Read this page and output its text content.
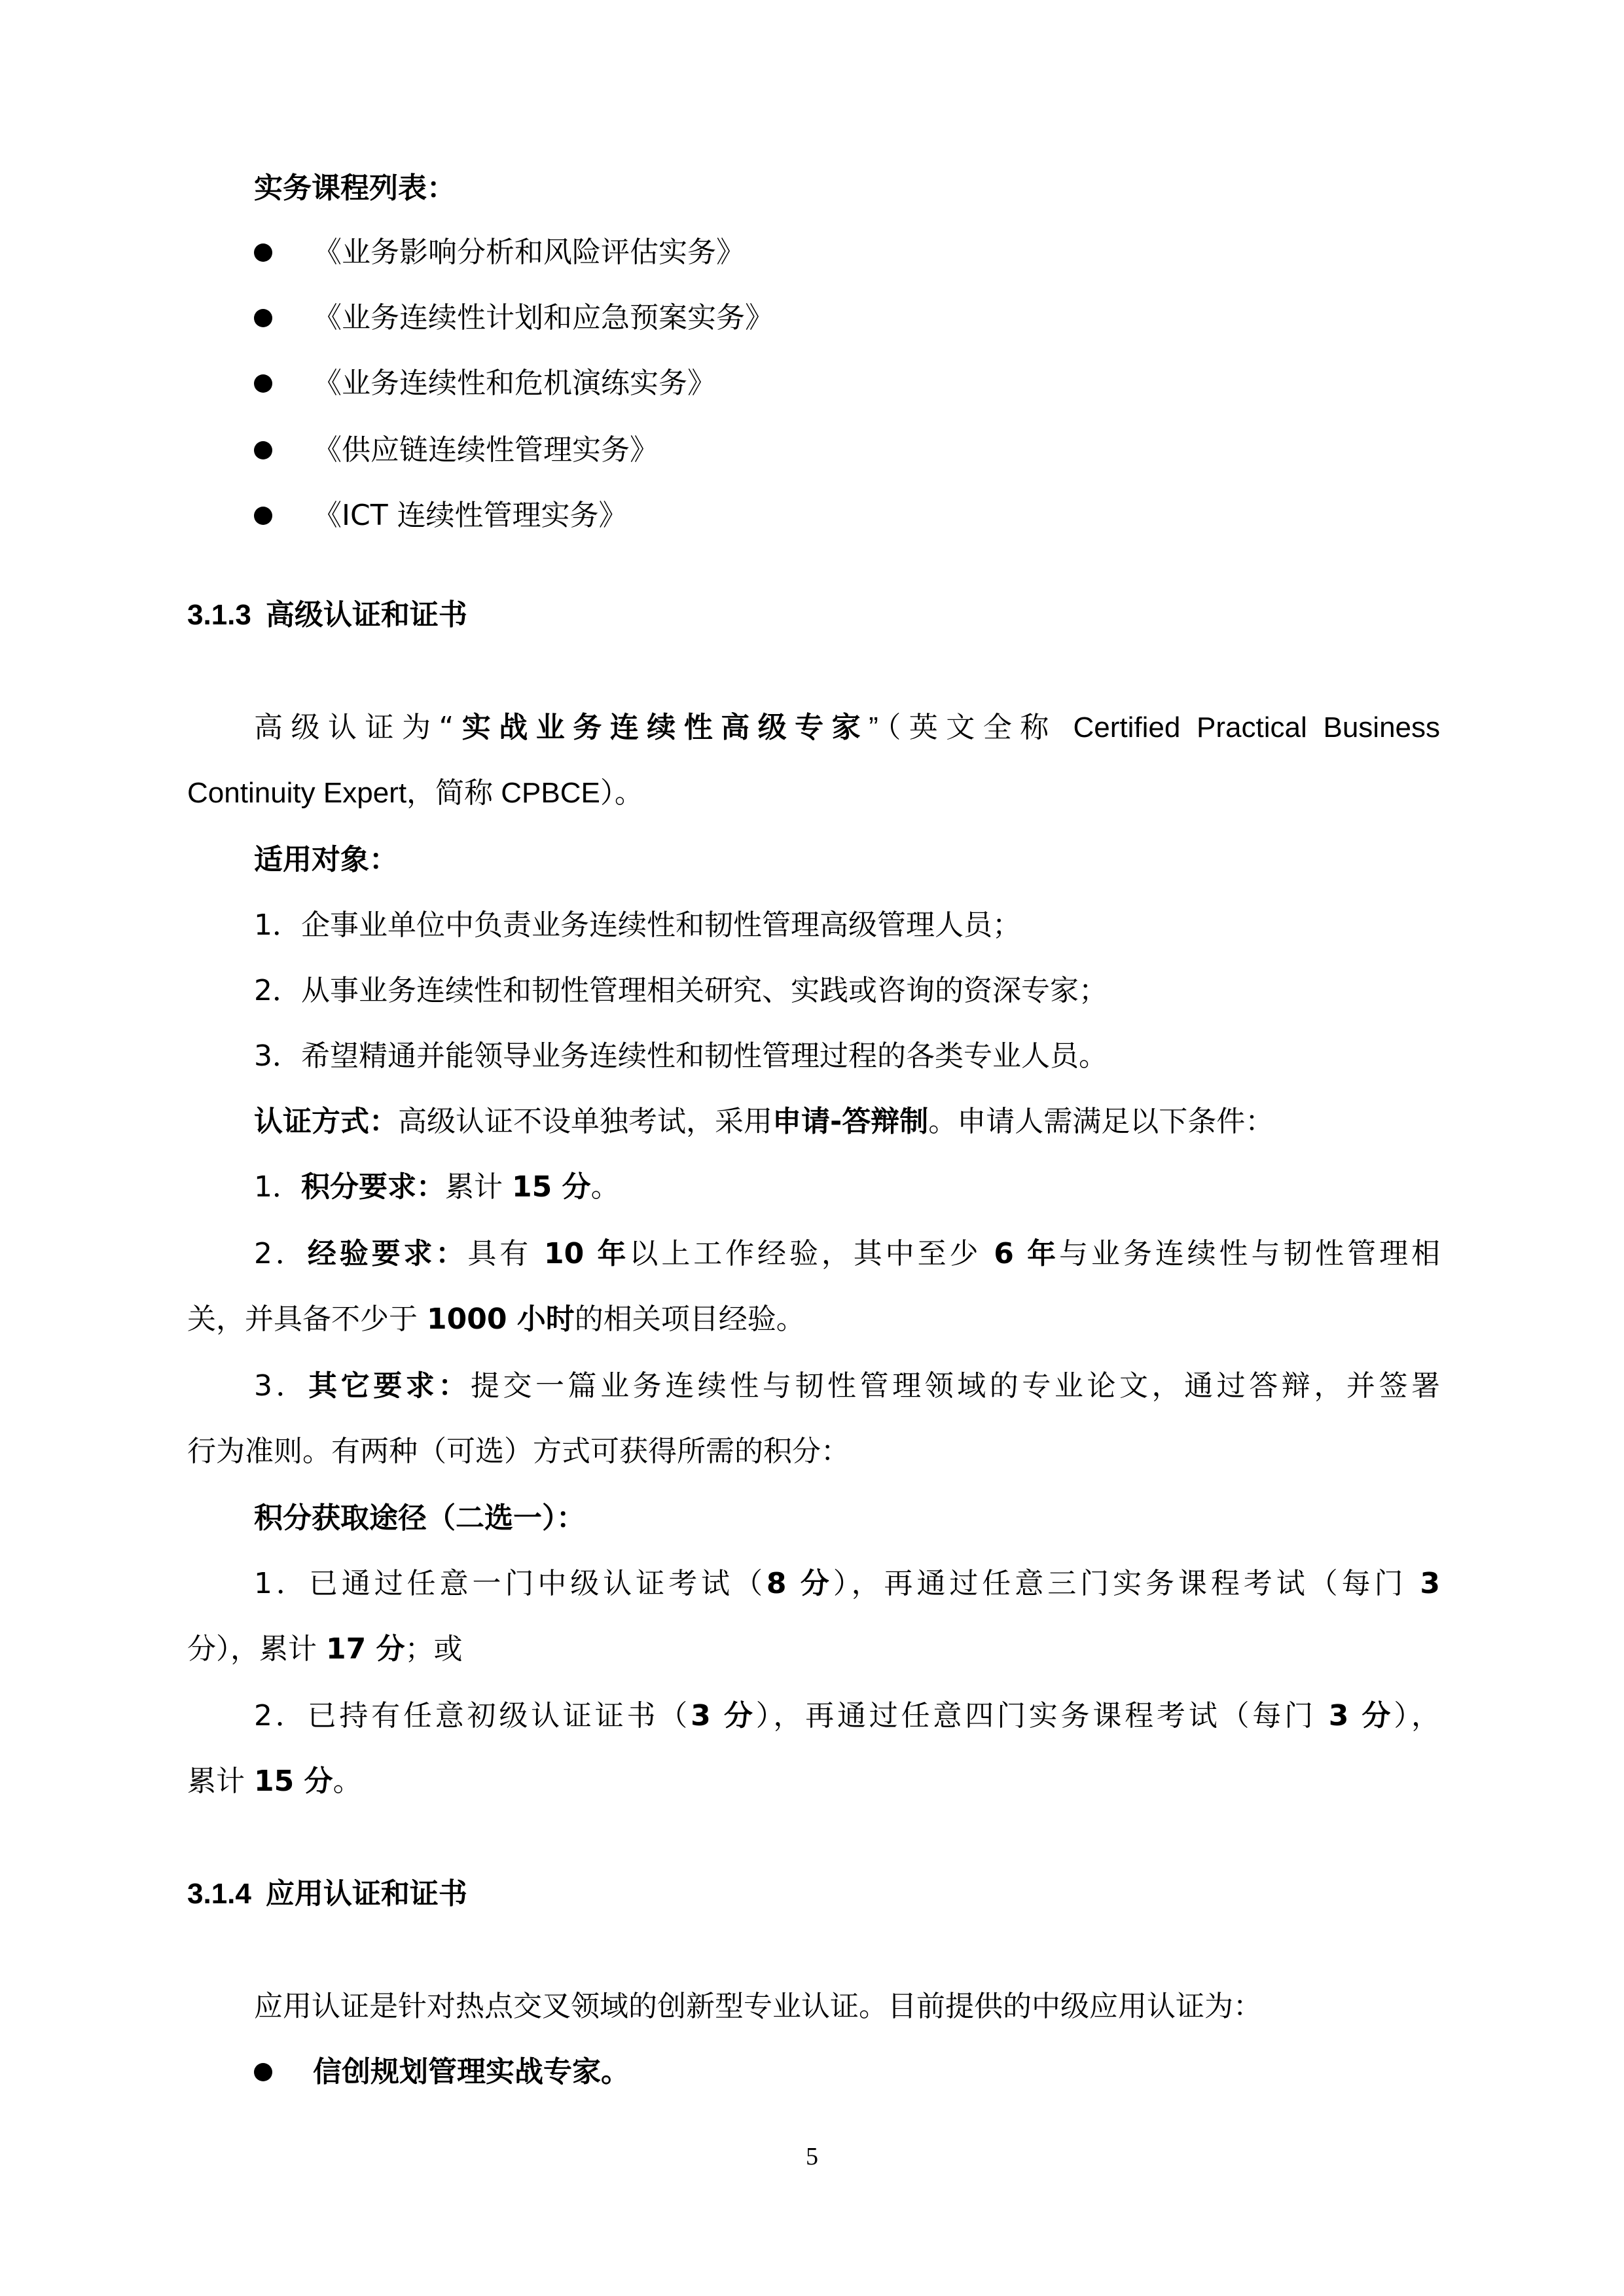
实务课程列表：
《业务影响分析和风险评估实务》
《业务连续性计划和应急预案实务》
《业务连续性和危机演练实务》
《供应链连续性管理实务》
《ICT 连续性管理实务》
3.1.3 高级认证和证书
高级认证为“实战业务连续性高级专家”（英文全称 Certified Practical Business
Continuity Expert，简称 CPBCE）。
适用对象：
1．企事业单位中负责业务连续性和韧性管理高级管理人员；
2．从事业务连续性和韧性管理相关研究、实践或咨询的资深专家；
3．希望精通并能领导业务连续性和韧性管理过程的各类专业人员。
认证方式：高级认证不设单独考试，采用申请-答辩制。申请人需满足以下条件：
1．积分要求：累计 15 分。
2．经验要求：具有 10 年以上工作经验，其中至少 6 年与业务连续性与韧性管理相
关，并具备不少于 1000 小时的相关项目经验。
3．其它要求：提交一篇业务连续性与韧性管理领域的专业论文，通过答辩，并签署
行为准则。有两种（可选）方式可获得所需的积分：
积分获取途径（二选一）：
1．已通过任意一门中级认证考试（8 分），再通过任意三门实务课程考试（每门 3
分），累计 17 分；或
2．已持有任意初级认证证书（3 分），再通过任意四门实务课程考试（每门 3 分），
累计 15 分。
3.1.4 应用认证和证书
应用认证是针对热点交叉领域的创新型专业认证。目前提供的中级应用认证为：
信创规划管理实战专家。
5
